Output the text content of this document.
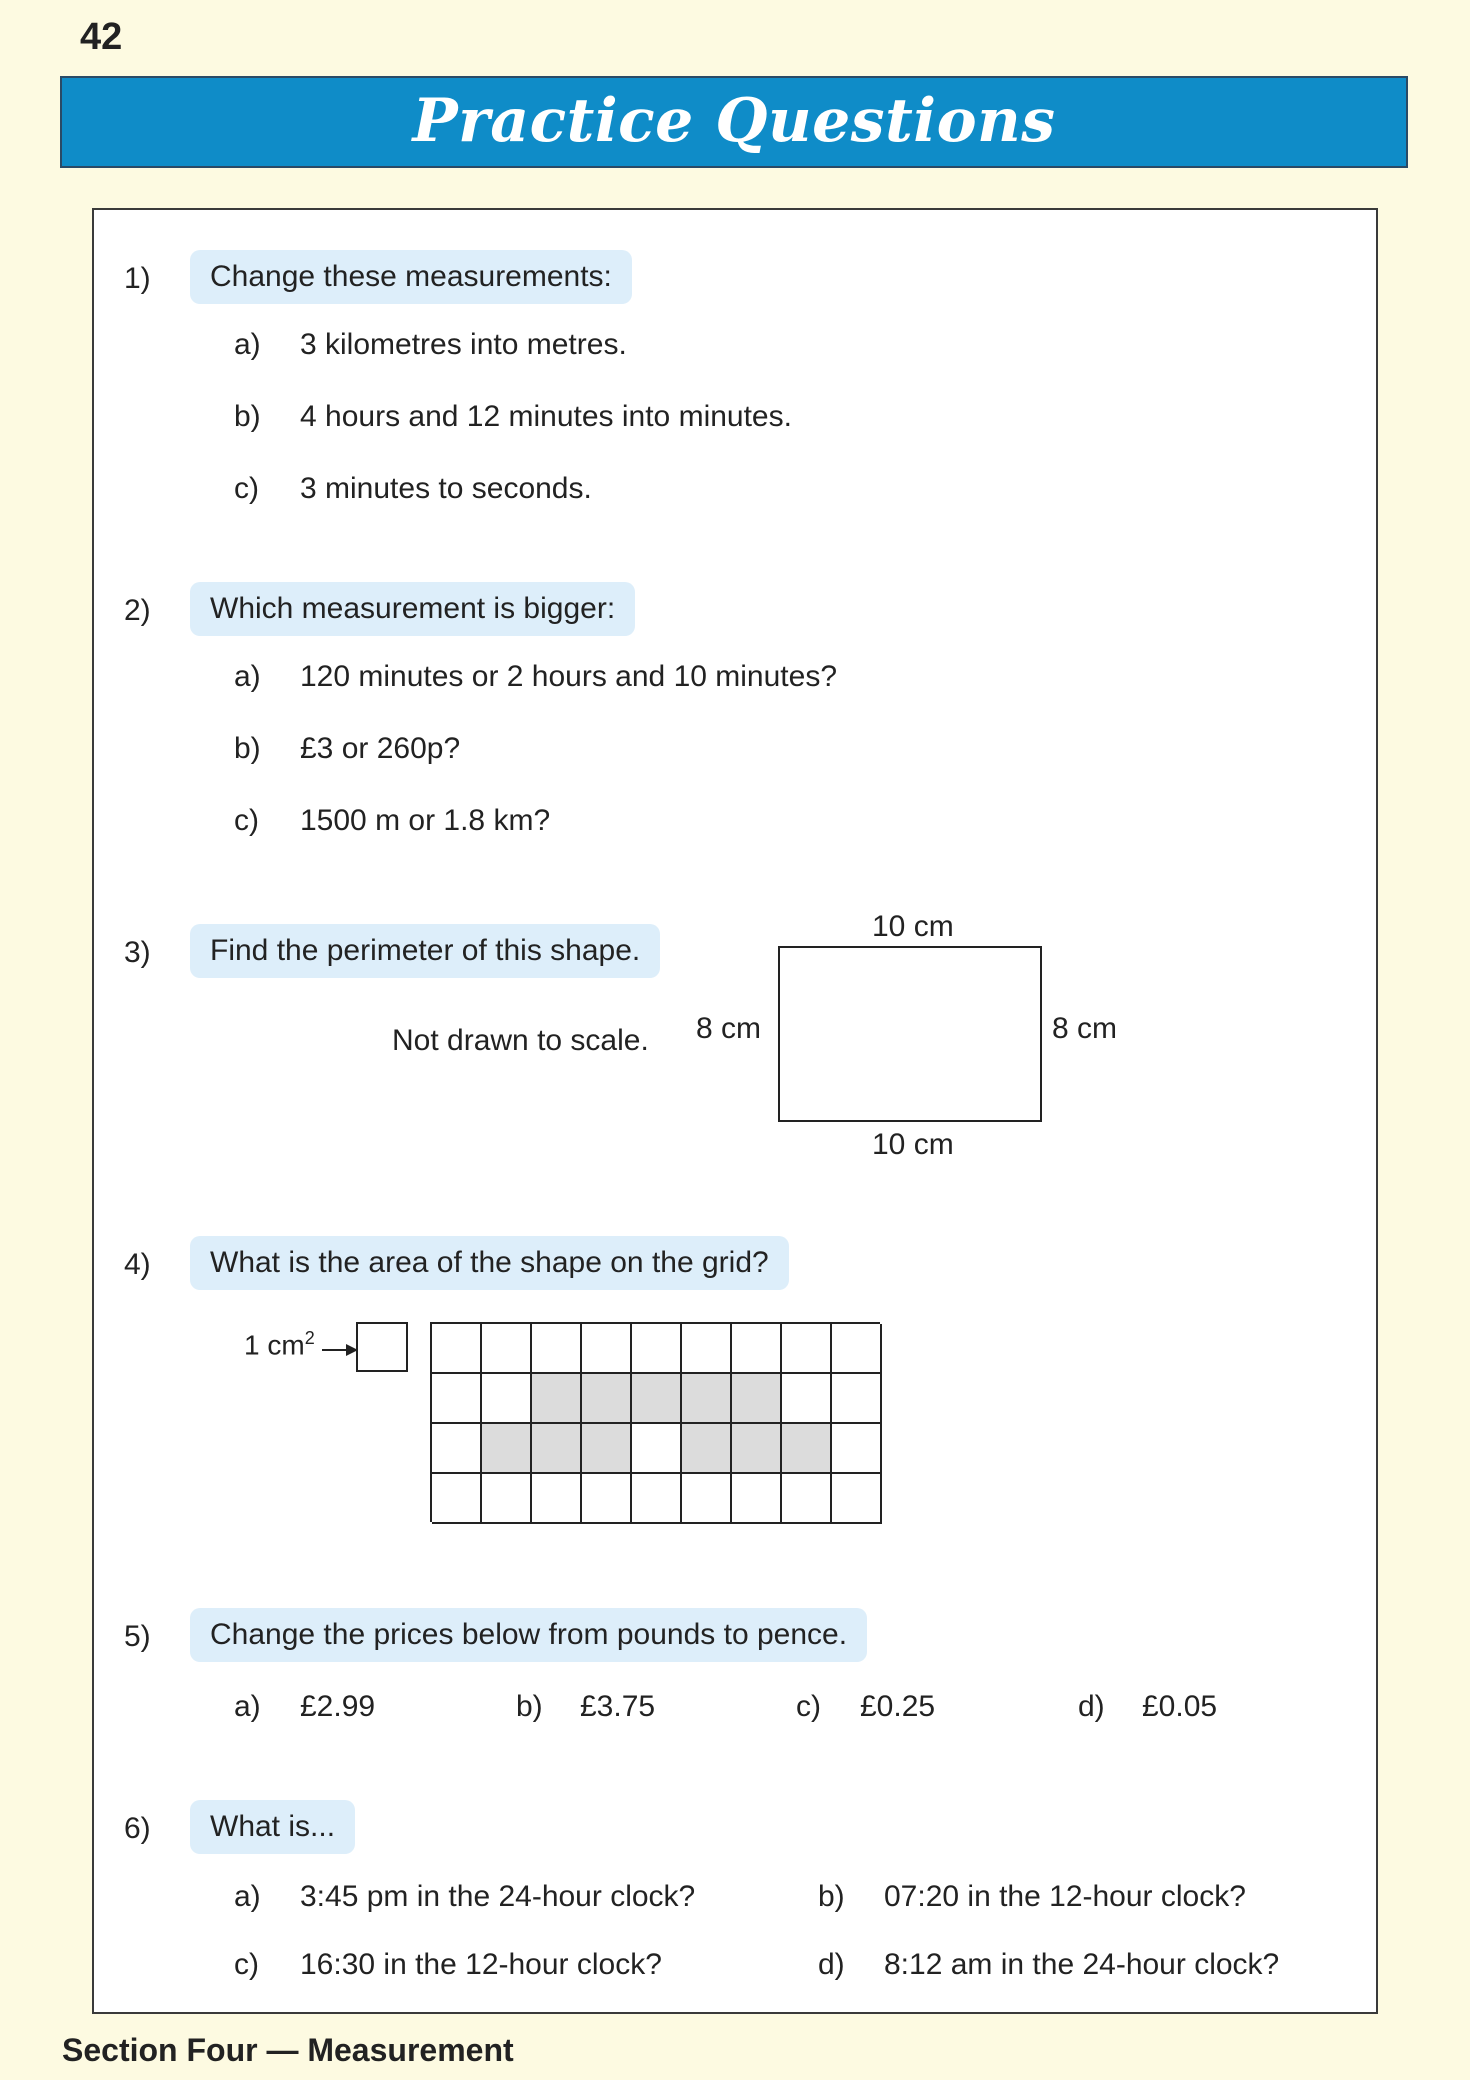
42
Practice Questions
1)	Change these measurements:
a) 3 kilometres into metres.
b) 4 hours and 12 minutes into minutes.
c) 3 minutes to seconds.
2)	Which measurement is bigger:
a) 120 minutes or 2 hours and 10 minutes?
b) £3 or 260p?
c) 1500 m or 1.8 km?
3)	Find the perimeter of this shape.
Not drawn to scale.
10 cm
10 cm
8 cm	8 cm
4)	What is the area of the shape on the grid?
1 $cm^2$
5)	Change the prices below from pounds to pence.
a) £2.99	b) £3.75	c) £0.25	d) £0.05
6)	What is...
a) 3:45 pm in the 24-hour clock?	b) 07:20 in the 12-hour clock?
c) 16:30 in the 12-hour clock?	d) 8:12 am in the 24-hour clock?
Section Four — Measurement
